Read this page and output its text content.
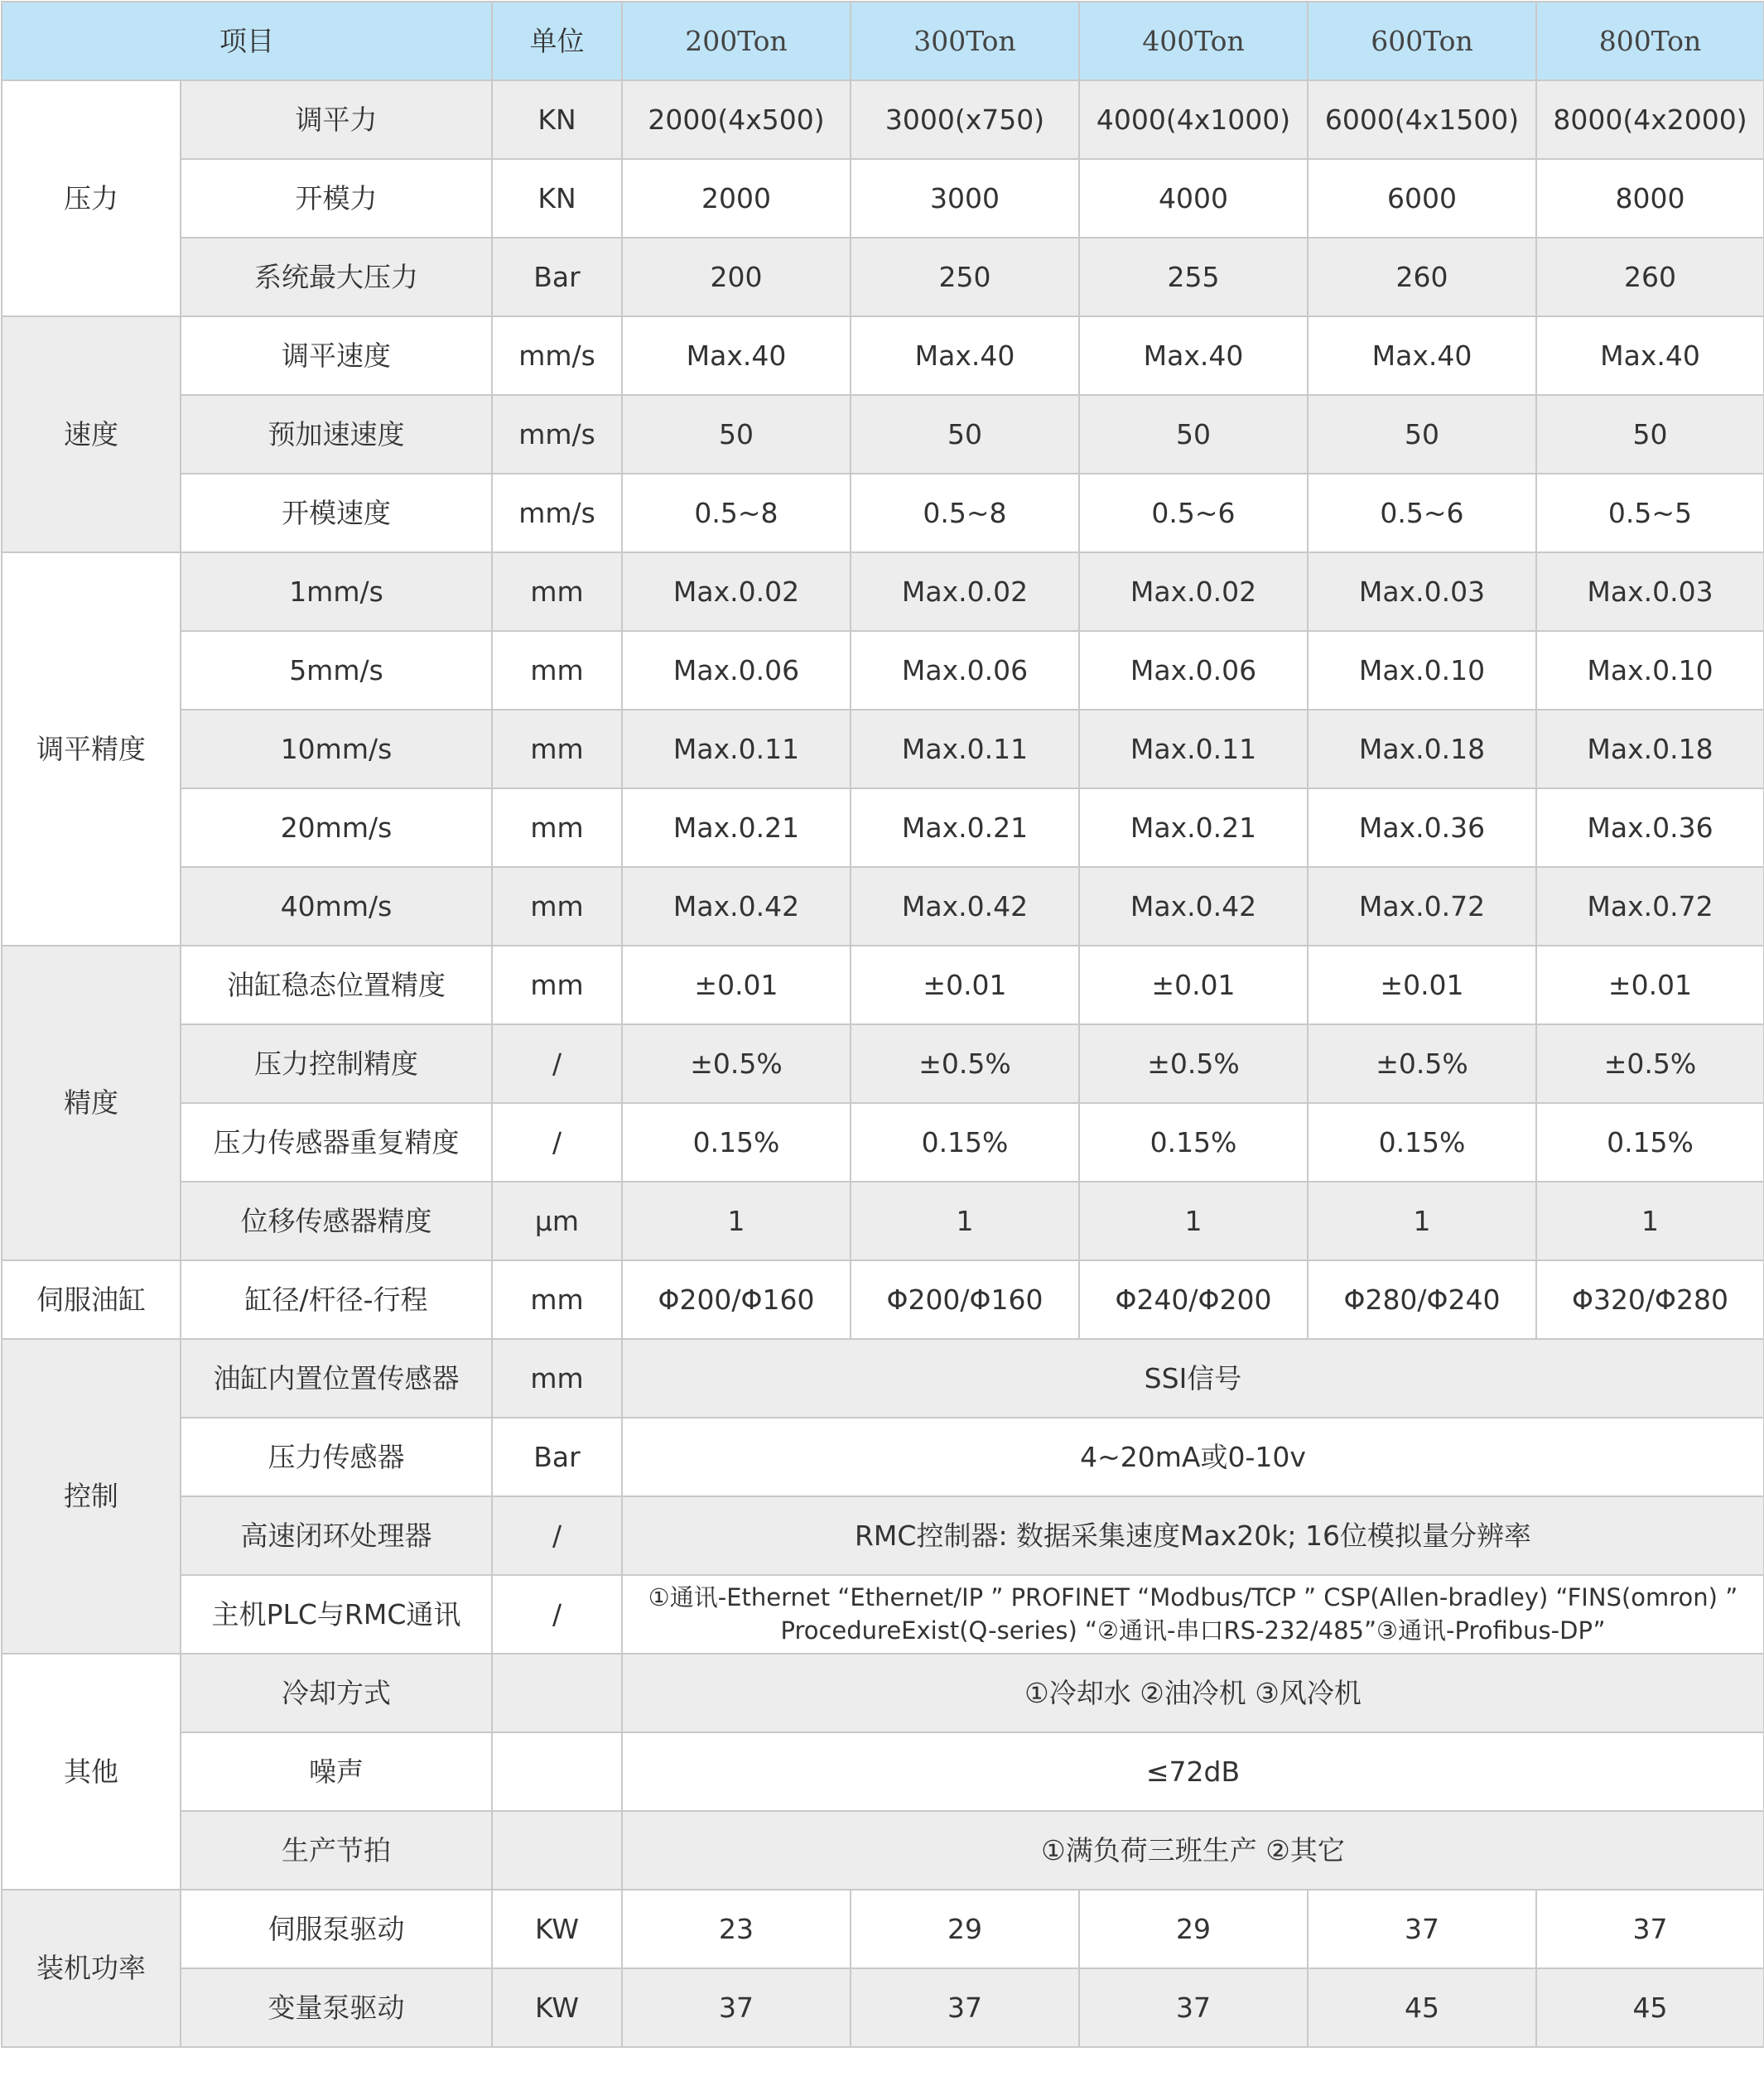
项目		单位	200Ton	300Ton	400Ton	600Ton	800Ton
压力	调平力	KN	2000(4x500)	3000(x750)	4000(4x1000)	6000(4x1500)	8000(4x2000)
	开模力	KN	2000	3000	4000	6000	8000
	系统最大压力	Bar	200	250	255	260	260
速度	调平速度	mm/s	Max.40	Max.40	Max.40	Max.40	Max.40
	预加速速度	mm/s	50	50	50	50	50
	开模速度	mm/s	0.5~8	0.5~8	0.5~6	0.5~6	0.5~5
调平精度	1mm/s	mm	Max.0.02	Max.0.02	Max.0.02	Max.0.03	Max.0.03
	5mm/s	mm	Max.0.06	Max.0.06	Max.0.06	Max.0.10	Max.0.10
	10mm/s	mm	Max.0.11	Max.0.11	Max.0.11	Max.0.18	Max.0.18
	20mm/s	mm	Max.0.21	Max.0.21	Max.0.21	Max.0.36	Max.0.36
	40mm/s	mm	Max.0.42	Max.0.42	Max.0.42	Max.0.72	Max.0.72
精度	油缸稳态位置精度	mm	±0.01	±0.01	±0.01	±0.01	±0.01
	压力控制精度	/	±0.5%	±0.5%	±0.5%	±0.5%	±0.5%
	压力传感器重复精度	/	0.15%	0.15%	0.15%	0.15%	0.15%
	位移传感器精度	μm	1	1	1	1	1
伺服油缸	缸径/杆径-行程	mm	Φ200/Φ160	Φ200/Φ160	Φ240/Φ200	Φ280/Φ240	Φ320/Φ280
控制	油缸内置位置传感器	mm	SSI信号				
	压力传感器	Bar	4~20mA或0-10v				
	高速闭环处理器	/	RMC控制器: 数据采集速度Max20k; 16位模拟量分辨率				
	主机PLC与RMC通讯	/	①通讯-Ethernet “Ethernet/IP ” PROFINET “Modbus/TCP ” CSP(Allen-bradley) “FINS(omron) ”
ProcedureExist(Q-series) “②通讯-串口RS-232/485”③通讯-Profibus-DP”				

其他	冷却方式		①冷却水 ②油冷机 ③风冷机				
	噪声		≤72dB				
	生产节拍		①满负荷三班生产 ②其它				
装机功率	伺服泵驱动	KW	23	29	29	37	37
	变量泵驱动	KW	37	37	37	45	45
